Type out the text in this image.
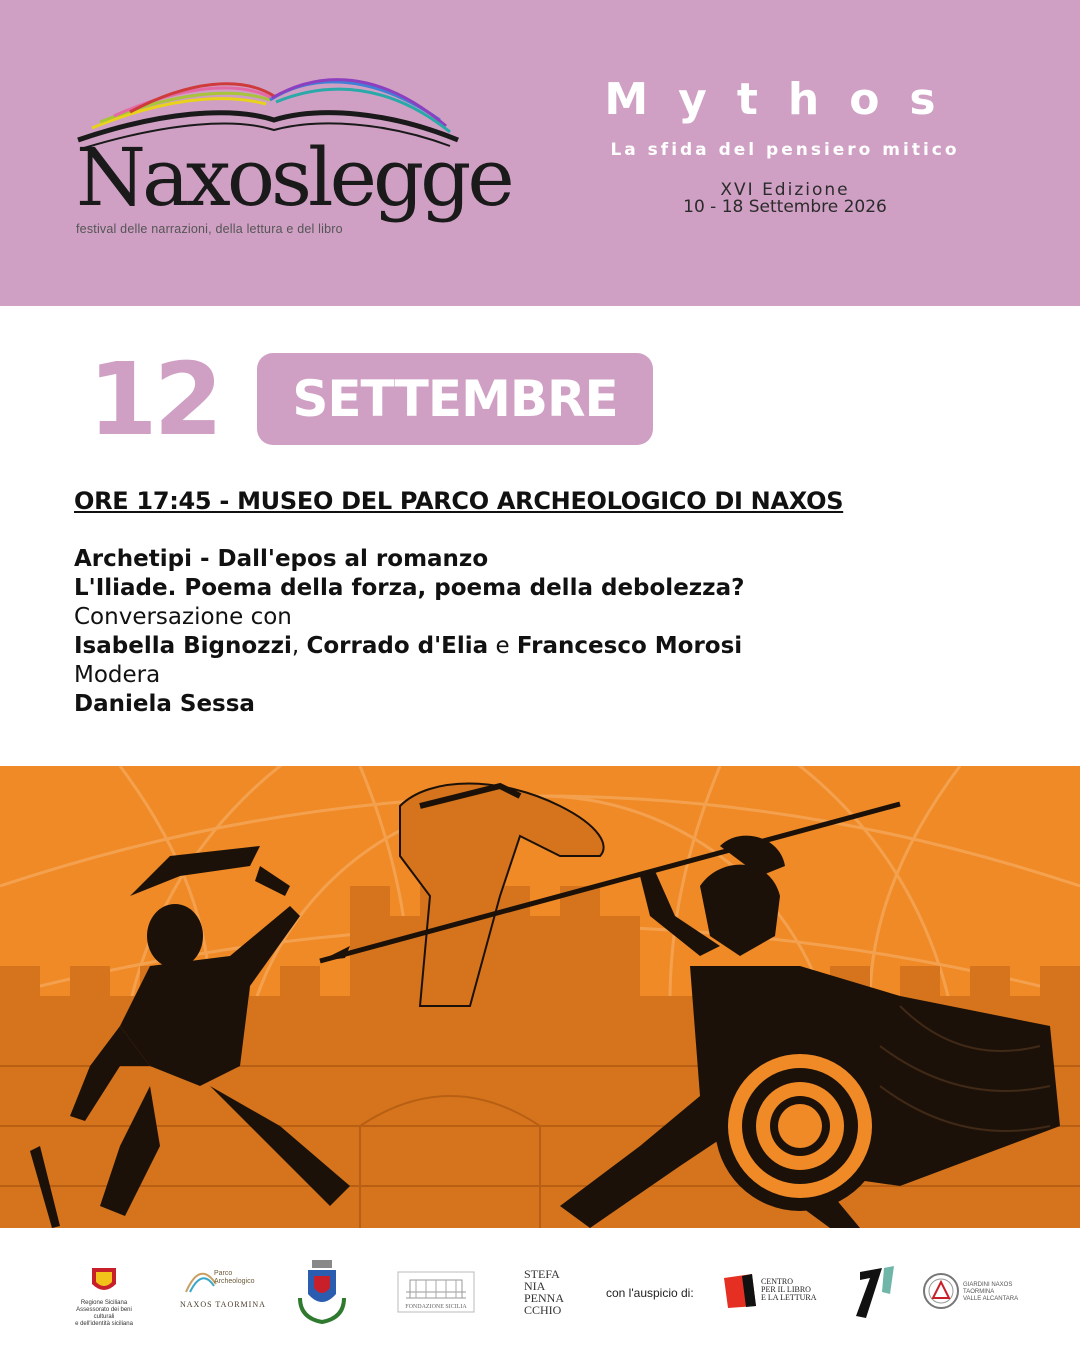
Naxoslegge
festival delle narrazioni, della lettura e del libro
Mythos
La sfida del pensiero mitico
XVI Edizione
10 - 18 Settembre 2026
12 SETTEMBRE
ORE 17:45 - MUSEO DEL PARCO ARCHEOLOGICO DI NAXOS
Archetipi - Dall'epos al romanzo
L'Iliade. Poema della forza, poema della debolezza?
Conversazione con
Isabella Bignozzi, Corrado d'Elia e Francesco Morosi
Modera
Daniela Sessa
Regione Siciliana
Assessorato dei beni culturali
e dell'identità siciliana
Parco
Archeologico
NAXOS TAORMINA	FONDAZIONE SICILIA
STEFA
NIA
PENNA
CCHIO
con l'auspicio di:
CENTRO
PER IL LIBRO
E LA LETTURA
GIARDINI NAXOS
TAORMINA
VALLE ALCANTARA
